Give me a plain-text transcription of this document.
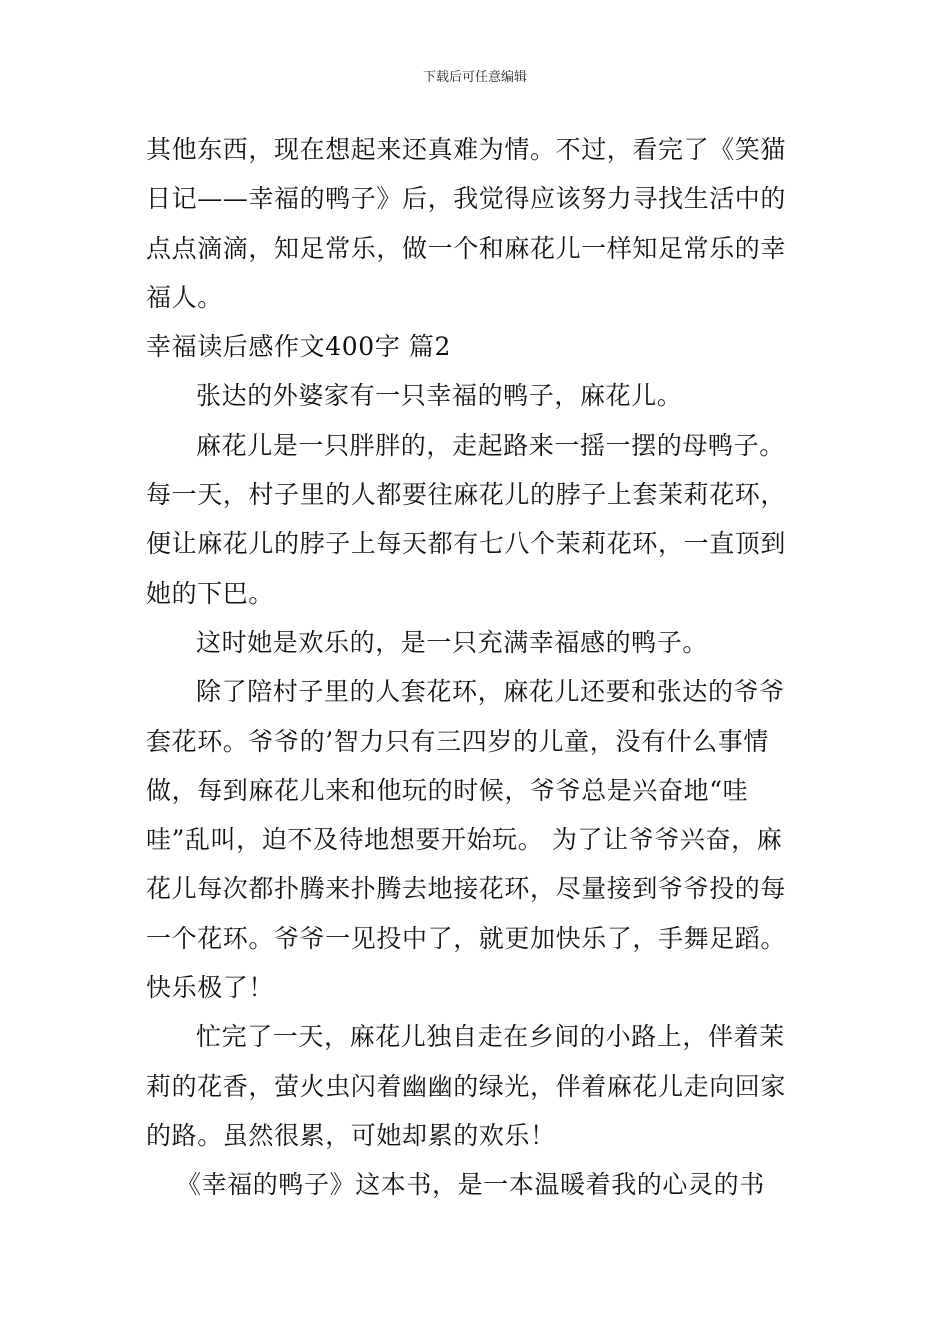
下载后可任意编辑
其他东西，现在想起来还真难为情。不过，看完了《笑猫
日记——幸福的鸭子》后，我觉得应该努力寻找生活中的
点点滴滴，知足常乐，做一个和麻花儿一样知足常乐的幸
福人。
幸福读后感作文400字 篇2
张达的外婆家有一只幸福的鸭子，麻花儿。
麻花儿是一只胖胖的，走起路来一摇一摆的母鸭子。
每一天，村子里的人都要往麻花儿的脖子上套茉莉花环，
便让麻花儿的脖子上每天都有七八个茉莉花环，一直顶到
她的下巴。
这时她是欢乐的，是一只充满幸福感的鸭子。
除了陪村子里的人套花环，麻花儿还要和张达的爷爷
套花环。爷爷的’智力只有三四岁的儿童，没有什么事情
做，每到麻花儿来和他玩的时候，爷爷总是兴奋地“哇
哇”乱叫，迫不及待地想要开始玩。 为了让爷爷兴奋，麻
花儿每次都扑腾来扑腾去地接花环，尽量接到爷爷投的每
一个花环。爷爷一见投中了，就更加快乐了，手舞足蹈。
快乐极了！
忙完了一天，麻花儿独自走在乡间的小路上，伴着茉
莉的花香，萤火虫闪着幽幽的绿光，伴着麻花儿走向回家
的路。虽然很累，可她却累的欢乐！
《幸福的鸭子》这本书，是一本温暖着我的心灵的书
